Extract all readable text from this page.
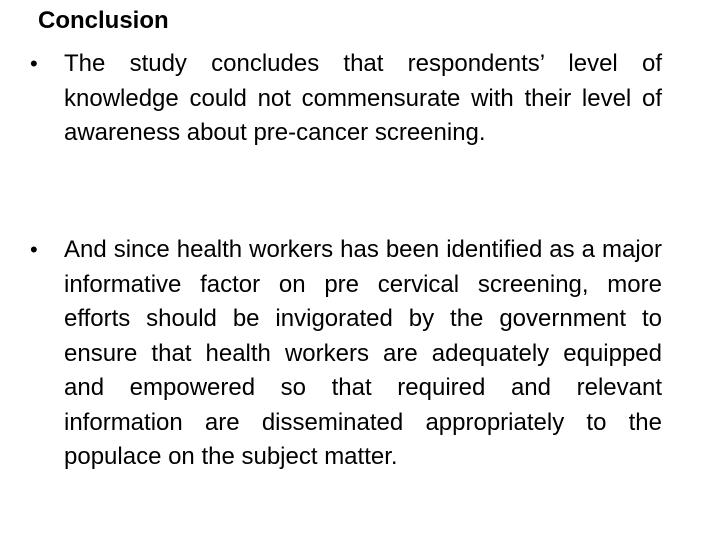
Conclusion
• The study concludes that respondents’ level of knowledge could not commensurate with their level of awareness about pre-cancer screening.

• And since health workers has been identified as a major informative factor on pre cervical screening, more efforts should be invigorated by the government to ensure that health workers are adequately equipped and empowered so that required and relevant information are disseminated appropriately to the populace on the subject matter.
